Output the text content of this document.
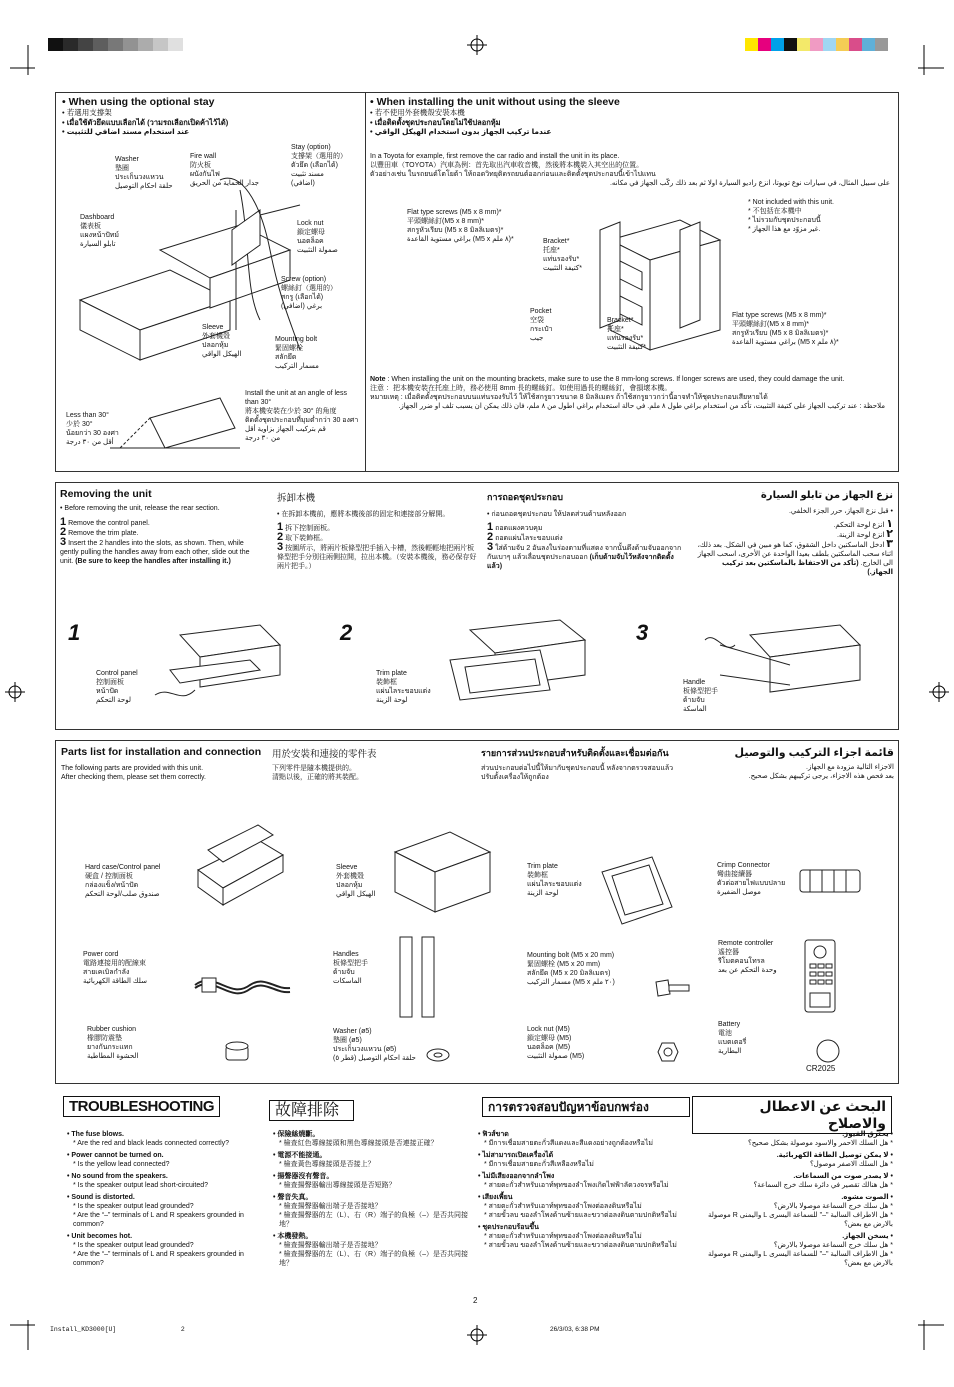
• When using the optional stay
• 若選用支撐架
• เมื่อใช้ตัวยึดแบบเลือกได้ (วามรถเลือกเปิดค้าไว้ได้)
• عند استخدام مسند اضافي للتثبيت
Washer
墊圈
ประเก็นวงแหวน
حلقة احكام التوصيل
Fire wall
防火板
ผนังกันไฟ
جدار الحماية من الحريق
Stay (option)
支撐架（選用的）
ตัวยึด (เลือกได้)
مسند تثبيت
(اضافي)
Dashboard
儀表板
แผงหน้าปัทม์
تابلو السيارة
Lock nut
鎖定螺母
นอตล็อค
صمولة التثبيت
Screw (option)
螺絲釘（選用的）
สกรู (เลือกได้)
برغي (اضافي)
Sleeve
外套機殼
ปลอกหุ้ม
الهيكل الواقي
Mounting bolt
緊固螺栓
สลักยึด
مسمار التركيب
Less than 30°
少於 30°
น้อยกว่า 30 องศา
أقل من ٣٠ درجة
Install the unit at an angle of less than 30°
將本機安裝在少於 30° 的角度
ติดตั้งชุดประกอบที่มุมต่ำกว่า 30 องศา
قم بتركيب الجهاز بزاوية أقل
من ٣٠ درجة
• When installing the unit without using the sleeve
• 若不使用外套機殼安裝本機
• เมื่อติดตั้งชุดประกอบโดยไม่ใช้ปลอกหุ้ม
• عندما تركيب الجهاز بدون استخدام الهيكل الواقي
In a Toyota for example, first remove the car radio and install the unit in its place.
以豐田車（TOYOTA）汽車為例：首先取出汽車收音機，然後將本機裝入其空出的位置。
ตัวอย่างเช่น ในรถยนต์โตโยต้า ให้ถอดวิทยุติดรถยนต์ออกก่อนและติดตั้งชุดประกอบนี้เข้าไปแทน
على سبيل المثال، في سيارات نوع تويوتا، انزع راديو السيارة اولا ثم بعد ذلك ركّب الجهاز في مكانه.
Flat type screws (M5 x 8 mm)*
平頭螺絲釘(M5 x 8 mm)*
สกรูหัวเรียบ (M5 x 8 มิลลิเมตร)*
براغي مستوية القاعدة (M5 x ٨ ملم)*	Bracket*
托座*
แท่นรองรับ*
كتيفة التثبيت*
* Not included with this unit.
* 不包括在本機中
* ไม่รวมกับชุดประกอบนี้
* غير مزوّد مع هذا الجهاز.
Pocket
空袋
กระเป๋า
جيب
Bracket*
托座*
แท่นรองรับ*
كتيفة التثبيت*
Flat type screws (M5 x 8 mm)*
平頭螺絲釘(M5 x 8 mm)*
สกรูหัวเรียบ (M5 x 8 มิลลิเมตร)*
براغي مستوية القاعدة (M5 x ٨ ملم)*
Note : When installing the unit on the mounting brackets, make sure to use the 8 mm-long screws. If longer screws are used, they could damage the unit.
注意 ：把本機安裝在托座上時，務必使用 8mm 長的螺絲釘。如使用過長的螺絲釘，會損壞本機。
หมายเหตุ : เมื่อติดตั้งชุดประกอบบนแท่นรองรับไว้ ให้ใช้สกรูยาวขนาด 8 มิลลิเมตร ถ้าใช้สกรูยาวกว่านี้อาจทำให้ชุดประกอบเสียหายได้
ملاحظة : عند تركيب الجهاز على كتيفة التثبيت، تأكد من استخدام براغي طول ٨ ملم. في حالة استخدام براغي اطول من ٨ ملم، فان ذلك يمكن ان يسبب تلف او ضرر الجهاز.
Removing the unit
• Before removing the unit, release the rear section.
1 Remove the control panel.
2 Remove the trim plate.
3 Insert the 2 handles into the slots, as shown. Then, while gently pulling the handles away from each other, slide out the unit. (Be sure to keep the handles after installing it.)
拆卸本機
• 在拆卸本機前，應將本機後部的固定和連接部分解開。
1 拆下控制面板。
2 取下裝飾框。
3 按圖所示，將兩片板條型把手插入卡槽，然後輕輕地把兩片板條型把手分別往兩側拉開，拉出本機。（安裝本機後，務必保存好兩片把手。）
การถอดชุดประกอบ
• ก่อนถอดชุดประกอบ ให้ปลดส่วนด้านหลังออก
1 ถอดแผงควบคุม
2 ถอดแผ่นไลระขอบแต่ง
3 ใส่ด้ามจับ 2 อันลงในร่องตามที่แสดง จากนั้นดึงด้ามจับออกจากกันเบาๆ แล้วเลื่อนชุดประกอบออก (เก็บด้ามจับไว้หลังจากติดตั้งแล้ว)
نزع الجهاز من تابلو السيارة
• قبل نزع الجهاز، حرر الجزء الخلفي.
١ انزع لوحة التحكم.
٢ انزع لوحة الزينة.
٣ ادخل الماسكتين داخل الشقوق، كما هو مبين في الشكل. بعد ذلك، اثناء سحب الماسكتين بلطف بعيدا الواحدة عن الأخرى، اسحب الجهاز الى الخارج. (تأكد من الاحتفاظ بالماسكتين بعد تركيب الجهاز.)
1	2	3
Control panel
控制面板
หน้าปัด
لوحة التحكم
Trim plate
裝飾框
แผ่นไลระขอบแต่ง
لوحة الزينة
Handle
板條型把手
ด้ามจับ
الماسكة
Parts list for installation and connection
The following parts are provided with this unit.
After checking them, please set them correctly.
用於安裝和連接的零件表
下列零件是隨本機提供的。
清點以後，正確的將其裝配。
รายการส่วนประกอบสำหรับติดตั้งและเชื่อมต่อกัน
ส่วนประกอบต่อไปนี้ให้มากับชุดประกอบนี้ หลังจากตรวจสอบแล้ว
ปรับตั้งเครื่องให้ถูกต้อง
قائمة اجزاء التركيب والتوصيل
الاجزاء التالية مزودة مع الجهاز.
بعد فحص هذه الاجزاء، يرجى تركيبهم بشكل صحيح.
Hard case/Control panel
硬盒 / 控制面板
กล่องแข็ง/หน้าปัด
صندوق صلب/لوحة التحكم
Sleeve
外套機殼
ปลอกหุ้ม
الهيكل الواقي
Trim plate
裝飾框
แผ่นไลระขอบแต่ง
لوحة الزينة
Crimp Connector
彎曲接續器
ตัวต่อสายไฟแบบปลาย
موصل الضفيرة
Power cord
電路連接用的配線束
สายเคเบิลกำลัง
سلك الطاقة الكهربائية
Handles
板條型把手
ด้ามจับ
الماسكات
Mounting bolt (M5 x 20 mm)
緊固螺栓 (M5 x 20 mm)
สลักยึด (M5 x 20 มิลลิเมตร)
مسمار التركيب (M5 x ٢٠ ملم)
Remote controller
遙控器
รีโมตคอนโทรล
وحدة التحكم عن بعد
Rubber cushion
橡膠防震墊
ยางกันกระแทก
الحشوة المطاطية
Washer (ø5)
墊圈 (ø5)
ประเก็นวงแหวน (ø5)
حلقة احكام التوصيل (قطر ٥)
Lock nut (M5)
鎖定螺母 (M5)
นอตล็อค (M5)
صمولة التثبيت (M5)
Battery
電池
แบตเตอรี่
البطارية
CR2025
TROUBLESHOOTING	故障排除	การตรวจสอบปัญหาข้อบกพร่อง	البحث عن الاعطال والاصلاح
• The fuse blows.
* Are the red and black leads connected correctly?
• Power cannot be turned on.
* Is the yellow lead connected?
• No sound from the speakers.
* Is the speaker output lead short-circuited?
• Sound is distorted.
* Is the speaker output lead grounded?
* Are the “–” terminals of L and R speakers grounded in common?
• Unit becomes hot.
* Is the speaker output lead grounded?
* Are the “–” terminals of L and R speakers grounded in common?
• 保險絲燒斷。
* 檢查紅色導線接頭和黑色導線接頭是否連接正確？
• 電源不能接通。
* 檢查黃色導線接頭是否接上？
• 揚聲器沒有聲音。
* 檢查揚聲器輸出導線接頭是否短路？
• 聲音失真。
* 檢查揚聲器輸出端子是否接地？
* 檢查揚聲器的左（L）、右（R）端子的負極（–）是否共同接地？
• 本機發熱。
* 檢查揚聲器輸出端子是否接地？
* 檢查揚聲器的左（L）、右（R）端子的負極（–）是否共同接地？
• ฟิวส์ขาด
* มีการเชื่อมสายตะกั่วสีแดงและสีแดงอย่างถูกต้องหรือไม่
• ไม่สามารถเปิดเครื่องได้
* มีการเชื่อมสายตะกั่วสีเหลืองหรือไม่
• ไม่มีเสียงออกจากลำโพง
* สายตะกั่วสำหรับเอาท์พุทของลำโพงเกิดไฟฟ้าลัดวงจรหรือไม่
• เสียงเพี้ยน
* สายตะกั่วสำหรับเอาท์พุทของลำโพงต่อลงดินหรือไม่
* สายขั้วลบ ของลำโพงด้านซ้ายและขวาต่อลงดินตามปกติหรือไม่
• ชุดประกอบร้อนขึ้น
* สายตะกั่วสำหรับเอาท์พุทของลำโพงต่อลงดินหรือไม่
* สายขั้วลบ ของลำโพงด้านซ้ายและขวาต่อลงดินตามปกติหรือไม่
• يحترق الفيوز.
* هل السلك الاحمر والاسود موصولة بشكل صحيح؟
• لا يمكن توصيل الطاقة الكهربائية.
* هل السلك الاصفر موصول؟
• لا يصدر صوت من السماعات.
* هل هنالك تقصير في دائرة سلك خرج السماعة؟
• الصوت مشوه.
* هل سلك خرج السماعة موصولا بالارض؟
* هل الاطراف السالبة "–" للسماعة اليسرى L واليمنى R موصولة بالارض مع بعض؟
• يسخن الجهاز.
* هل سلك خرج السماعة موصولا بالارض؟
* هل الاطراف السالبة "–" للسماعة اليسرى L واليمنى R موصولة بالارض مع بعض؟
2
Install_KD3000[U]	2	26/3/03, 6:38 PM
